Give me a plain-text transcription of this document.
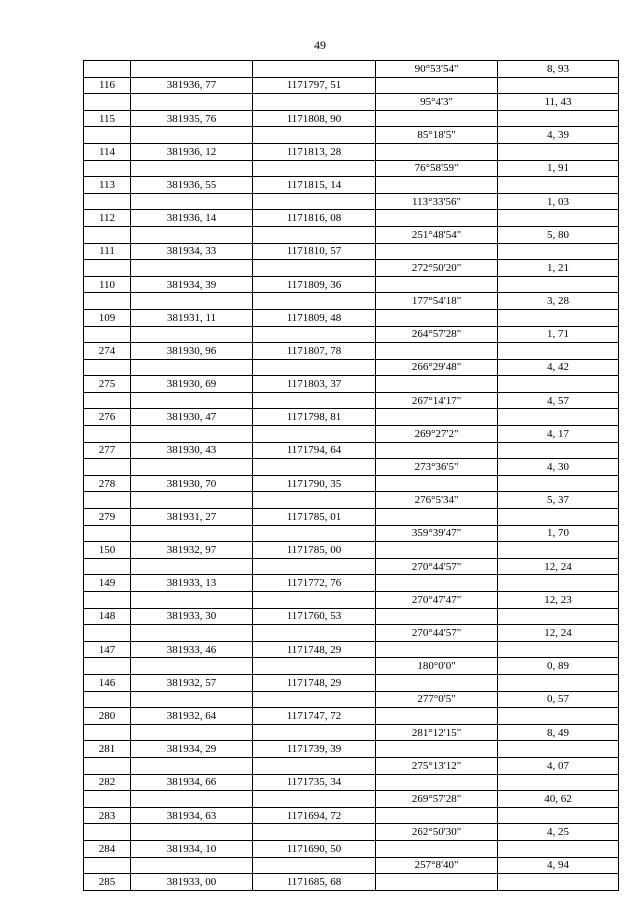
49
			90°53'54"	8, 93
116	381936, 77	1171797, 51		
			95°4'3"	11, 43
115	381935, 76	1171808, 90		
			85°18'5"	4, 39
114	381936, 12	1171813, 28		
			76°58'59"	1, 91
113	381936, 55	1171815, 14		
			113°33'56"	1, 03
112	381936, 14	1171816, 08		
			251°48'54"	5, 80
111	381934, 33	1171810, 57		
			272°50'20"	1, 21
110	381934, 39	1171809, 36		
			177°54'18"	3, 28
109	381931, 11	1171809, 48		
			264°57'28"	1, 71
274	381930, 96	1171807, 78		
			266°29'48"	4, 42
275	381930, 69	1171803, 37		
			267°14'17"	4, 57
276	381930, 47	1171798, 81		
			269°27'2"	4, 17
277	381930, 43	1171794, 64		
			273°36'5"	4, 30
278	381930, 70	1171790, 35		
			276°5'34"	5, 37
279	381931, 27	1171785, 01		
			359°39'47"	1, 70
150	381932, 97	1171785, 00		
			270°44'57"	12, 24
149	381933, 13	1171772, 76		
			270°47'47"	12, 23
148	381933, 30	1171760, 53		
			270°44'57"	12, 24
147	381933, 46	1171748, 29		
			180°0'0"	0, 89
146	381932, 57	1171748, 29		
			277°0'5"	0, 57
280	381932, 64	1171747, 72		
			281°12'15"	8, 49
281	381934, 29	1171739, 39		
			275°13'12"	4, 07
282	381934, 66	1171735, 34		
			269°57'28"	40, 62
283	381934, 63	1171694, 72		
			262°50'30"	4, 25
284	381934, 10	1171690, 50		
			257°8'40"	4, 94
285	381933, 00	1171685, 68		
